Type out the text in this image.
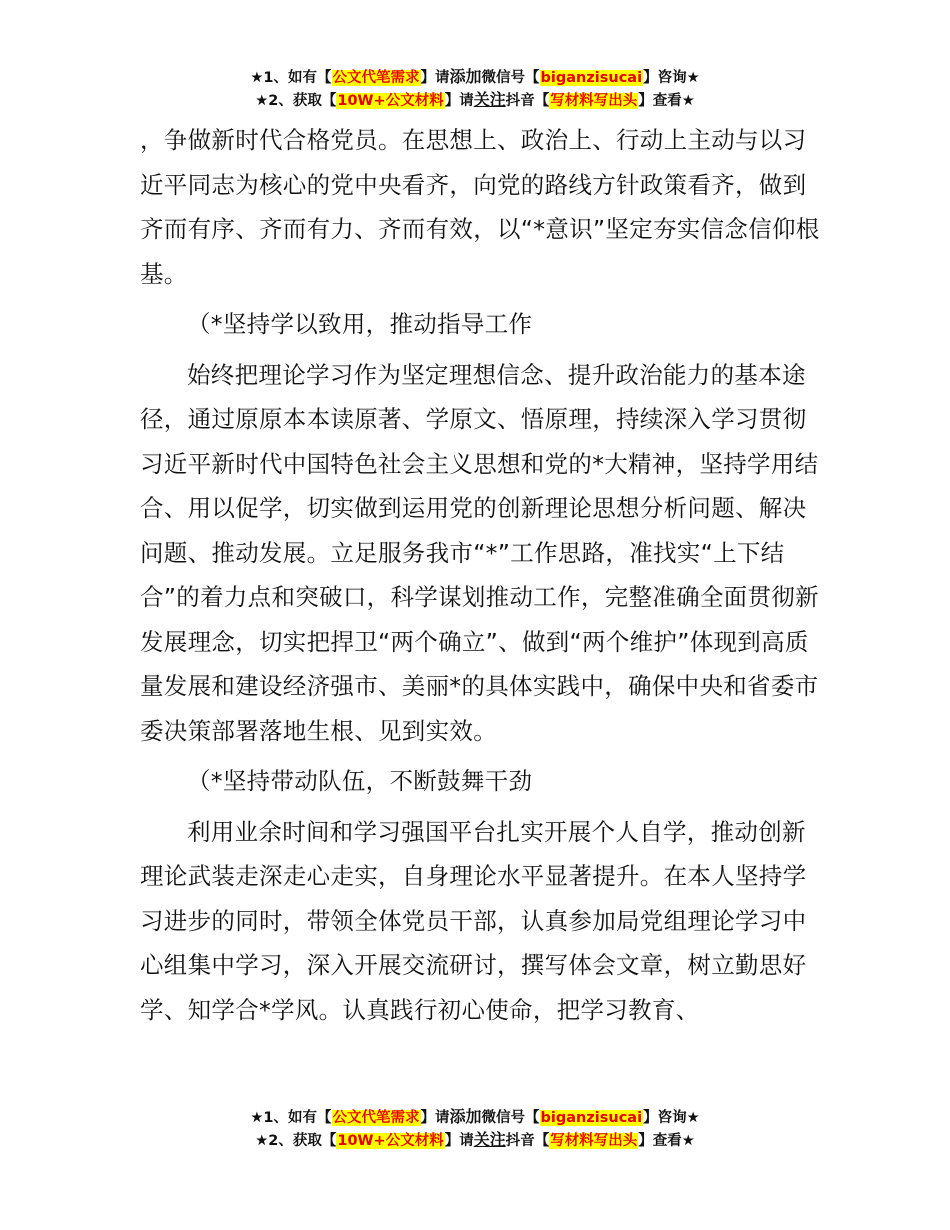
★1、如有【公文代笔需求】请添加微信号【biganzisucai】咨询★
★2、获取【10W+公文材料】请关注抖音【写材料写出头】查看★

，争做新时代合格党员。在思想上、政治上、行动上主动与以习近平同志为核心的党中央看齐，向党的路线方针政策看齐，做到齐而有序、齐而有力、齐而有效，以“*意识”坚定夯实信念信仰根基。

（*坚持学以致用，推动指导工作

始终把理论学习作为坚定理想信念、提升政治能力的基本途径，通过原原本本读原著、学原文、悟原理，持续深入学习贯彻习近平新时代中国特色社会主义思想和党的*大精神，坚持学用结合、用以促学，切实做到运用党的创新理论思想分析问题、解决问题、推动发展。立足服务我市“*”工作思路，准找实“上下结合”的着力点和突破口，科学谋划推动工作，完整准确全面贯彻新发展理念，切实把捍卫“两个确立”、做到“两个维护”体现到高质量发展和建设经济强市、美丽*的具体实践中，确保中央和省委市委决策部署落地生根、见到实效。

（*坚持带动队伍，不断鼓舞干劲

利用业余时间和学习强国平台扎实开展个人自学，推动创新理论武装走深走心走实，自身理论水平显著提升。在本人坚持学习进步的同时，带领全体党员干部，认真参加局党组理论学习中心组集中学习，深入开展交流研讨，撰写体会文章，树立勤思好学、知学合*学风。认真践行初心使命，把学习教育、

★1、如有【公文代笔需求】请添加微信号【biganzisucai】咨询★
★2、获取【10W+公文材料】请关注抖音【写材料写出头】查看★
